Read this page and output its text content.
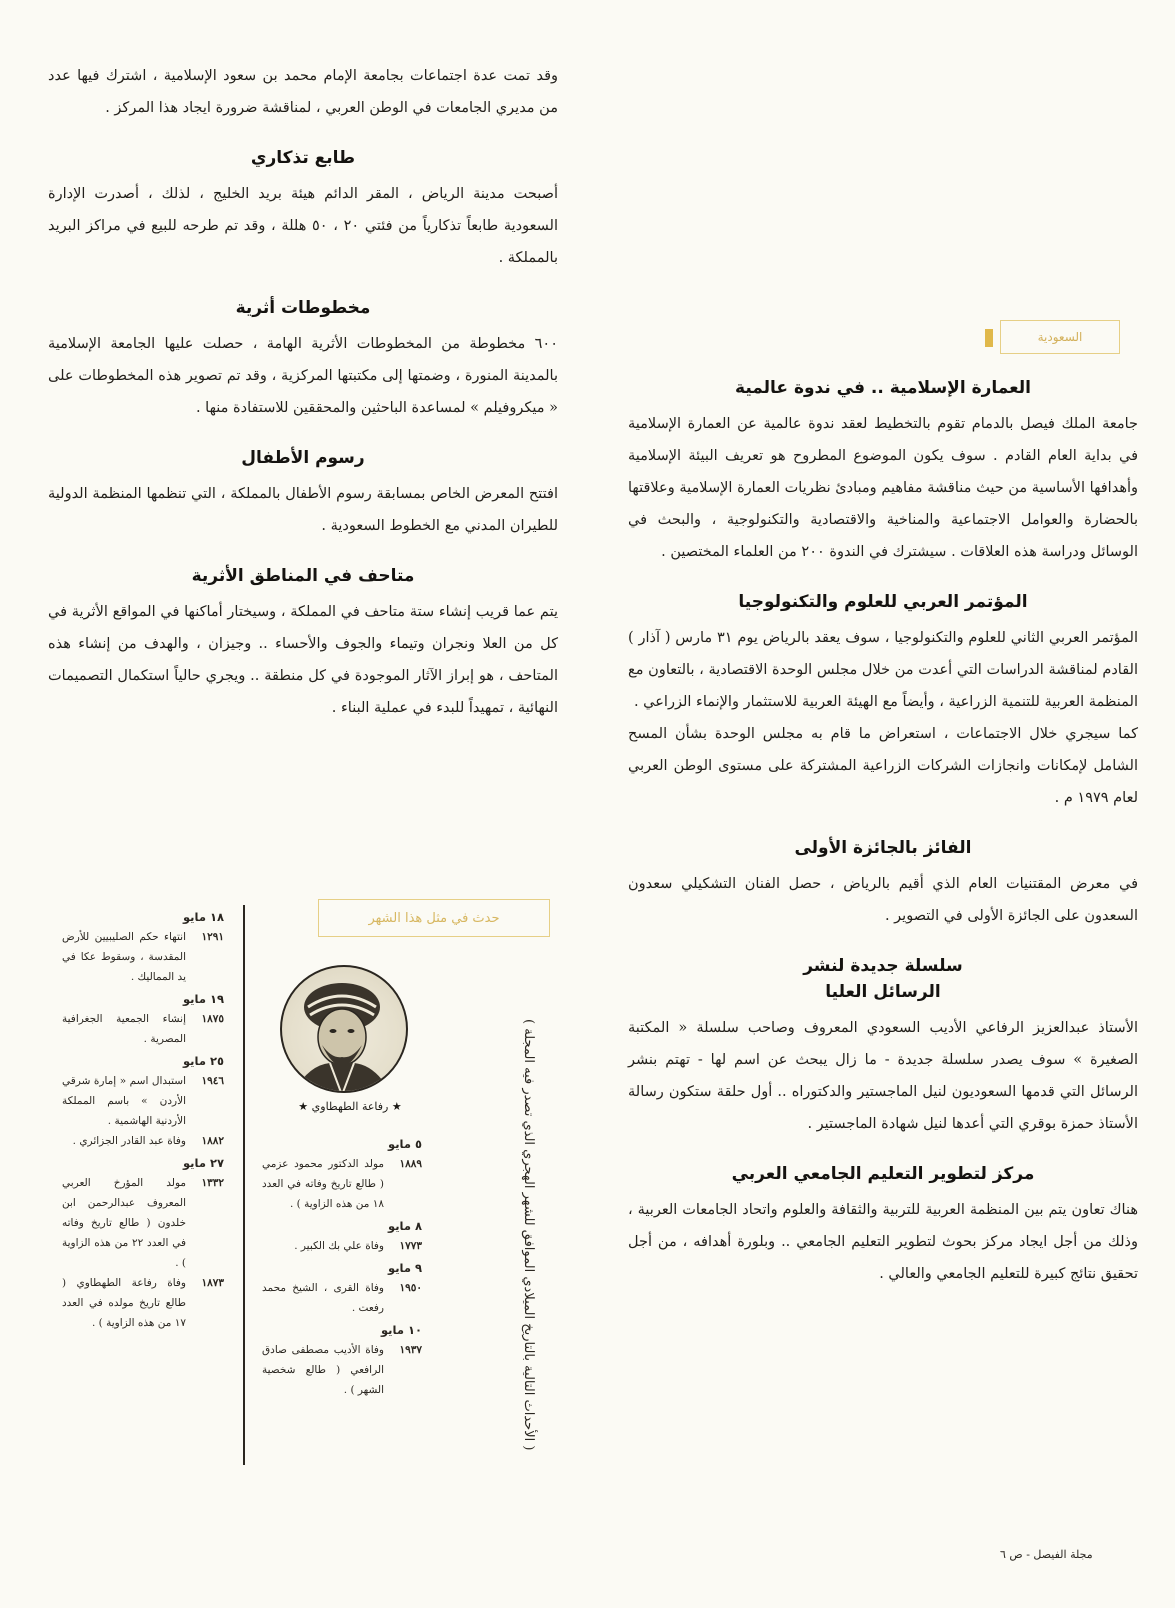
وقد تمت عدة اجتماعات بجامعة الإمام محمد بن سعود الإسلامية ، اشترك فيها عدد من مديري الجامعات في الوطن العربي ، لمناقشة ضرورة ايجاد هذا المركز .

طابع تذكاري

أصبحت مدينة الرياض ، المقر الدائم هيئة بريد الخليج ، لذلك ، أصدرت الإدارة السعودية طابعاً تذكارياً من فئتي ٢٠ ، ٥٠ هللة ، وقد تم طرحه للبيع في مراكز البريد بالمملكة .

مخطوطات أثرية

٦٠٠ مخطوطة من المخطوطات الأثرية الهامة ، حصلت عليها الجامعة الإسلامية بالمدينة المنورة ، وضمتها إلى مكتبتها المركزية ، وقد تم تصوير هذه المخطوطات على « ميكروفيلم » لمساعدة الباحثين والمحققين للاستفادة منها .

رسوم الأطفال

افتتح المعرض الخاص بمسابقة رسوم الأطفال بالمملكة ، التي تنظمها المنظمة الدولية للطيران المدني مع الخطوط السعودية .

متاحف في المناطق الأثرية

يتم عما قريب إنشاء ستة متاحف في المملكة ، وسيختار أماكنها في المواقع الأثرية في كل من العلا ونجران وتيماء والجوف والأحساء .. وجيزان ، والهدف من إنشاء هذه المتاحف ، هو إبراز الآثار الموجودة في كل منطقة .. ويجري حالياً استكمال التصميمات النهائية ، تمهيداً للبدء في عملية البناء .

السعودية
العمارة الإسلامية .. في ندوة عالمية

جامعة الملك فيصل بالدمام تقوم بالتخطيط لعقد ندوة عالمية عن العمارة الإسلامية في بداية العام القادم . سوف يكون الموضوع المطروح هو تعريف البيئة الإسلامية وأهدافها الأساسية من حيث مناقشة مفاهيم ومبادئ نظريات العمارة الإسلامية وعلاقتها بالحضارة والعوامل الاجتماعية والمناخية والاقتصادية والتكنولوجية ، والبحث في الوسائل ودراسة هذه العلاقات . سيشترك في الندوة ٢٠٠ من العلماء المختصين .

المؤتمر العربي للعلوم والتكنولوجيا

المؤتمر العربي الثاني للعلوم والتكنولوجيا ، سوف يعقد بالرياض يوم ٣١ مارس ( آذار ) القادم لمناقشة الدراسات التي أعدت من خلال مجلس الوحدة الاقتصادية ، بالتعاون مع المنظمة العربية للتنمية الزراعية ، وأيضاً مع الهيئة العربية للاستثمار والإنماء الزراعي .

كما سيجري خلال الاجتماعات ، استعراض ما قام به مجلس الوحدة بشأن المسح الشامل لإمكانات وانجازات الشركات الزراعية المشتركة على مستوى الوطن العربي لعام ١٩٧٩ م .

الفائز بالجائزة الأولى

في معرض المقتنيات العام الذي أقيم بالرياض ، حصل الفنان التشكيلي سعدون السعدون على الجائزة الأولى في التصوير .

سلسلة جديدة لنشر
الرسائل العليا

الأستاذ عبدالعزيز الرفاعي الأديب السعودي المعروف وصاحب سلسلة « المكتبة الصغيرة » سوف يصدر سلسلة جديدة - ما زال يبحث عن اسم لها - تهتم بنشر الرسائل التي قدمها السعوديون لنيل الماجستير والدكتوراه .. أول حلقة ستكون رسالة الأستاذ حمزة بوقري التي أعدها لنيل شهادة الماجستير .

مركز لتطوير التعليم الجامعي العربي

هناك تعاون يتم بين المنظمة العربية للتربية والثقافة والعلوم واتحاد الجامعات العربية ، وذلك من أجل ايجاد مركز بحوث لتطوير التعليم الجامعي .. وبلورة أهدافه ، من أجل تحقيق نتائج كبيرة للتعليم الجامعي والعالي .

حدث في مثل هذا الشهر
( الأحداث التالية بالتاريخ الميلادي الموافق للشهر الهجري الذي تصدر فيه المجلة )
★ رفاعة الطهطاوي ★
٥ مايو
١٨٨٩
مولد الدكتور محمود عزمي ( طالع تاريخ وفاته في العدد ١٨ من هذه الزاوية ) .
٨ مايو
١٧٧٣
وفاة علي بك الكبير .
٩ مايو
١٩٥٠
وفاة القرى ، الشيخ محمد رفعت .
١٠ مايو
١٩٣٧
وفاة الأديب مصطفى صادق الرافعي ( طالع شخصية الشهر ) .
١٨ مايو
١٢٩١
انتهاء حكم الصليبيين للأرض المقدسة ، وسقوط عكا في يد المماليك .
١٩ مايو
١٨٧٥
إنشاء الجمعية الجغرافية المصرية .
٢٥ مايو
١٩٤٦
استبدال اسم « إمارة شرقي الأردن » باسم المملكة الأردنية الهاشمية .
١٨٨٢
وفاة عبد القادر الجزائري .
٢٧ مايو
١٣٣٢
مولد المؤرخ العربي المعروف عبدالرحمن ابن خلدون ( طالع تاريخ وفاته في العدد ٢٢ من هذه الزاوية ) .
١٨٧٣
وفاة رفاعة الطهطاوي ( طالع تاريخ مولده في العدد ١٧ من هذه الزاوية ) .
مجلة الفيصل - ص ٦
